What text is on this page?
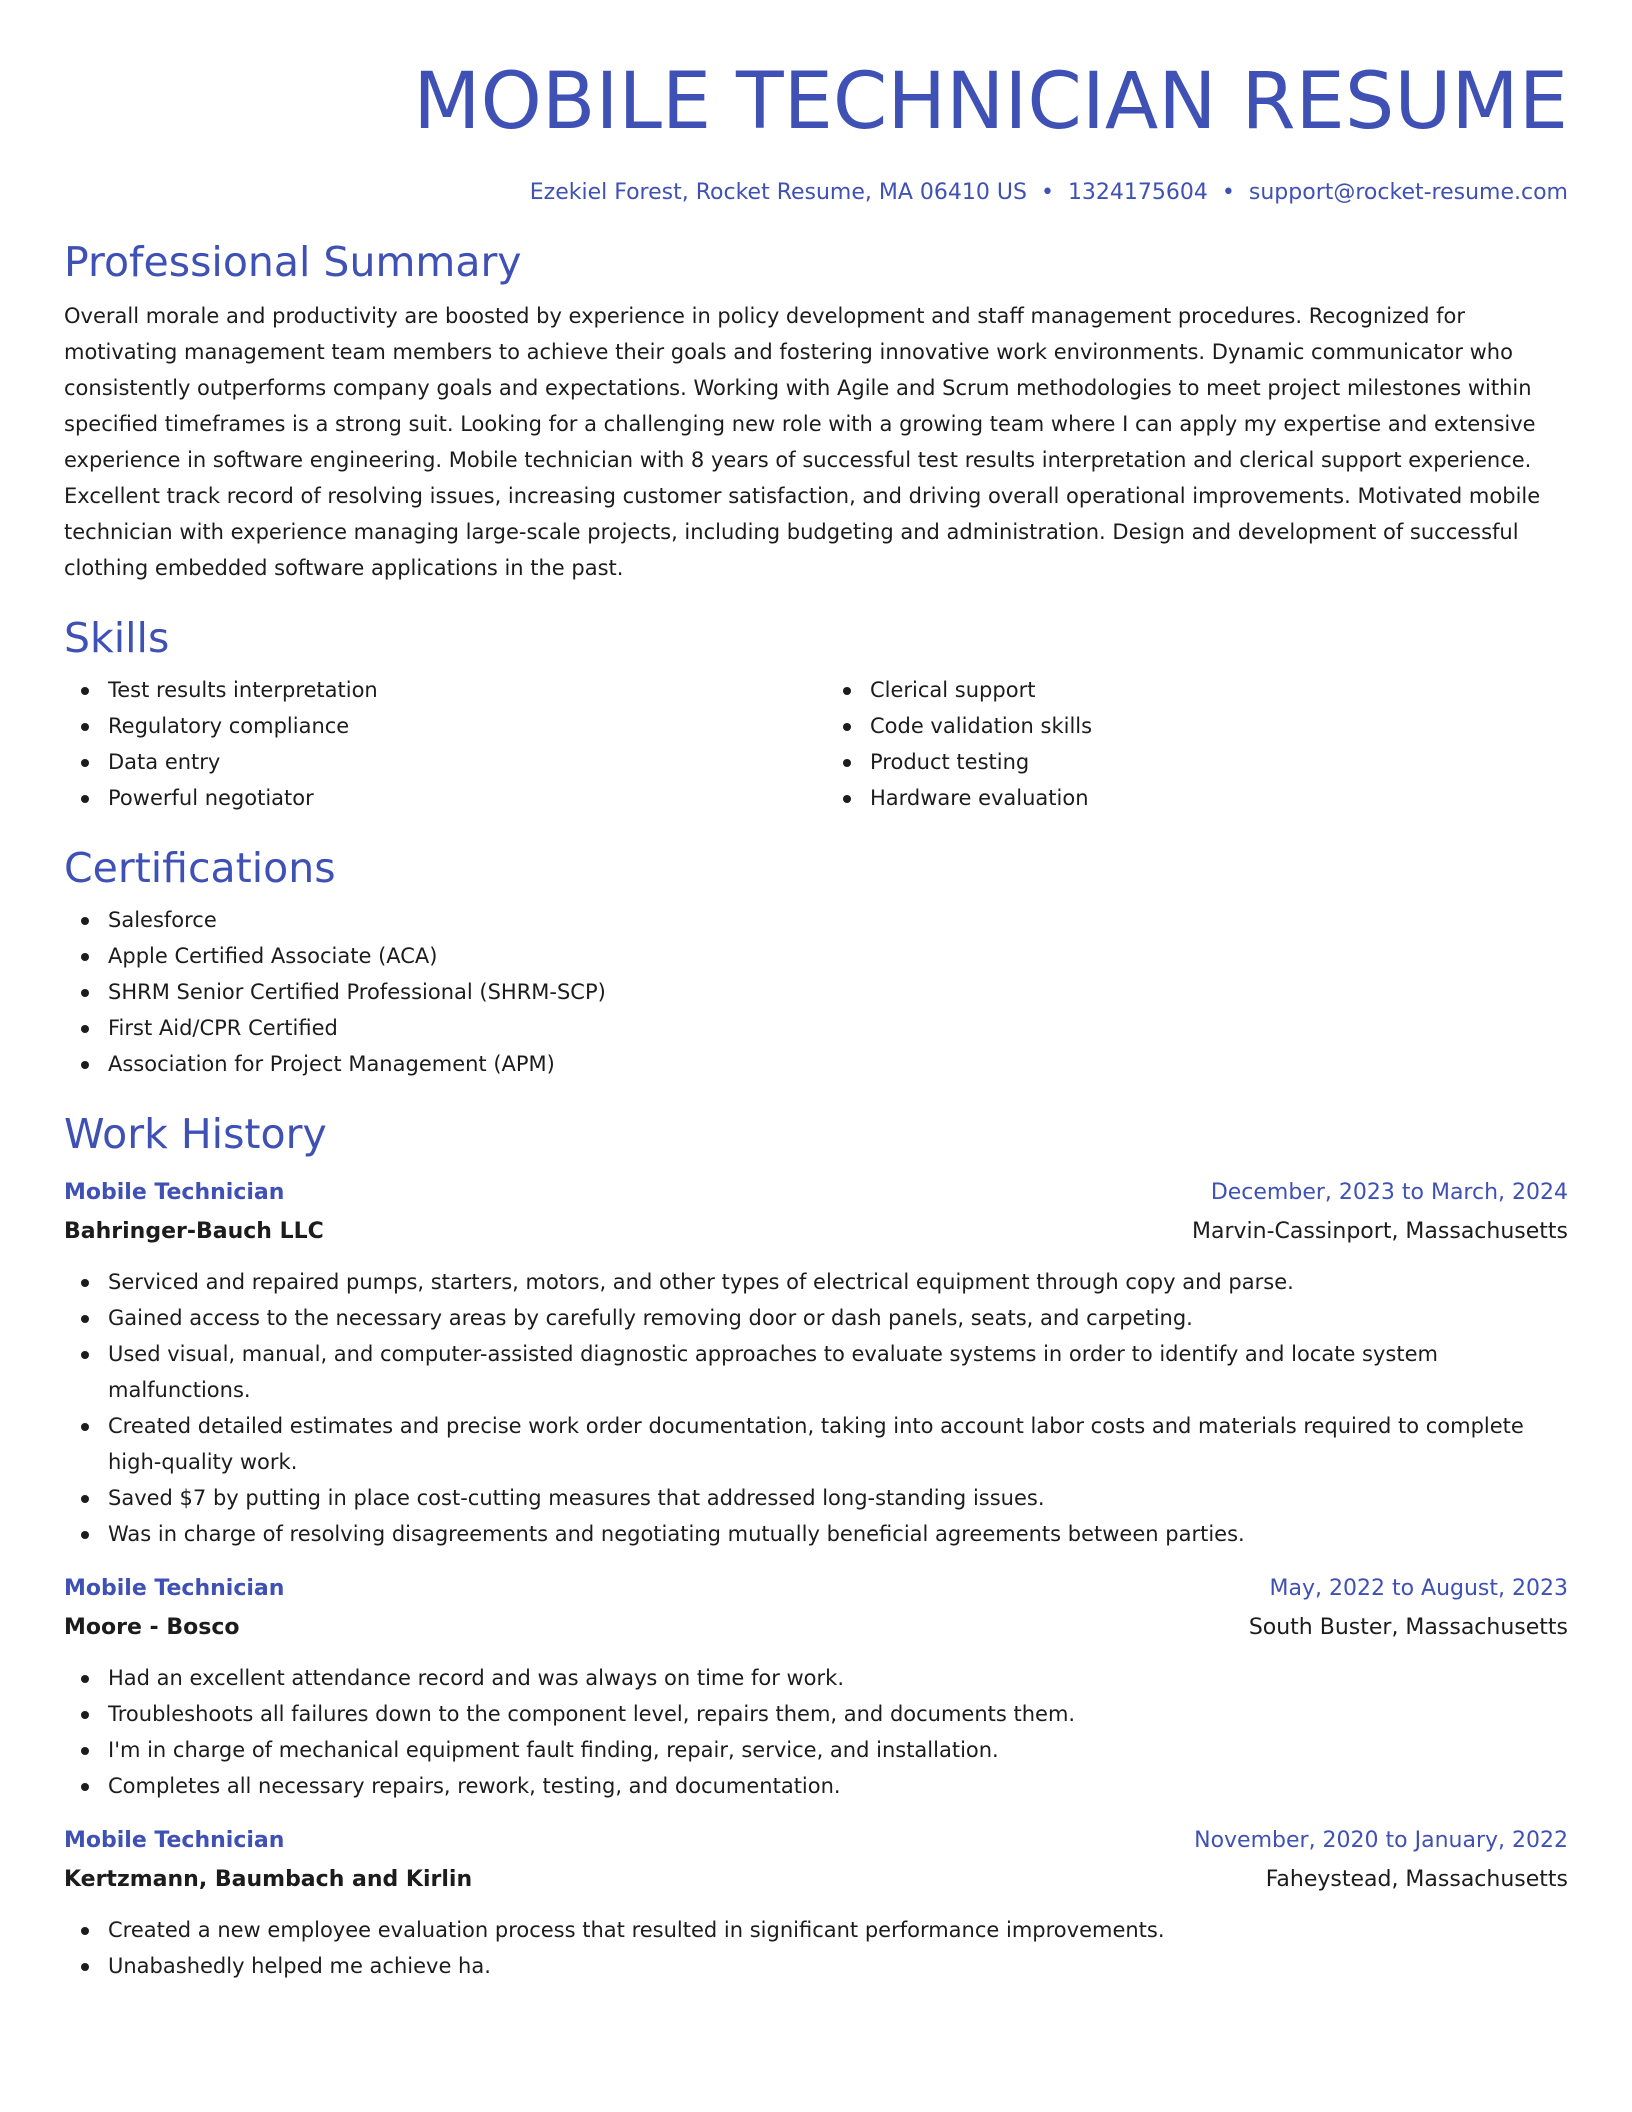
MOBILE TECHNICIAN RESUME
Ezekiel Forest, Rocket Resume, MA 06410 US • 1324175604 • support@rocket-resume.com
Professional Summary

Overall morale and productivity are boosted by experience in policy development and staff management procedures. Recognized for motivating management team members to achieve their goals and fostering innovative work environments. Dynamic communicator who consistently outperforms company goals and expectations. Working with Agile and Scrum methodologies to meet project milestones within specified timeframes is a strong suit. Looking for a challenging new role with a growing team where I can apply my expertise and extensive experience in software engineering. Mobile technician with 8 years of successful test results interpretation and clerical support experience. Excellent track record of resolving issues, increasing customer satisfaction, and driving overall operational improvements. Motivated mobile technician with experience managing large-scale projects, including budgeting and administration. Design and development of successful clothing embedded software applications in the past.

Skills
Test results interpretation
Regulatory compliance
Data entry
Powerful negotiator
Clerical support
Code validation skills
Product testing
Hardware evaluation
Certifications
Salesforce
Apple Certified Associate (ACA)
SHRM Senior Certified Professional (SHRM-SCP)
First Aid/CPR Certified
Association for Project Management (APM)
Work History
Mobile Technician	December, 2023 to March, 2024
Bahringer-Bauch LLC	Marvin-Cassinport, Massachusetts
Serviced and repaired pumps, starters, motors, and other types of electrical equipment through copy and parse.
Gained access to the necessary areas by carefully removing door or dash panels, seats, and carpeting.
Used visual, manual, and computer-assisted diagnostic approaches to evaluate systems in order to identify and locate system malfunctions.
Created detailed estimates and precise work order documentation, taking into account labor costs and materials required to complete high-quality work.
Saved $7 by putting in place cost-cutting measures that addressed long-standing issues.
Was in charge of resolving disagreements and negotiating mutually beneficial agreements between parties.
Mobile Technician	May, 2022 to August, 2023
Moore - Bosco	South Buster, Massachusetts
Had an excellent attendance record and was always on time for work.
Troubleshoots all failures down to the component level, repairs them, and documents them.
I'm in charge of mechanical equipment fault finding, repair, service, and installation.
Completes all necessary repairs, rework, testing, and documentation.
Mobile Technician	November, 2020 to January, 2022
Kertzmann, Baumbach and Kirlin	Faheystead, Massachusetts
Created a new employee evaluation process that resulted in significant performance improvements.
Unabashedly helped me achieve ha.
